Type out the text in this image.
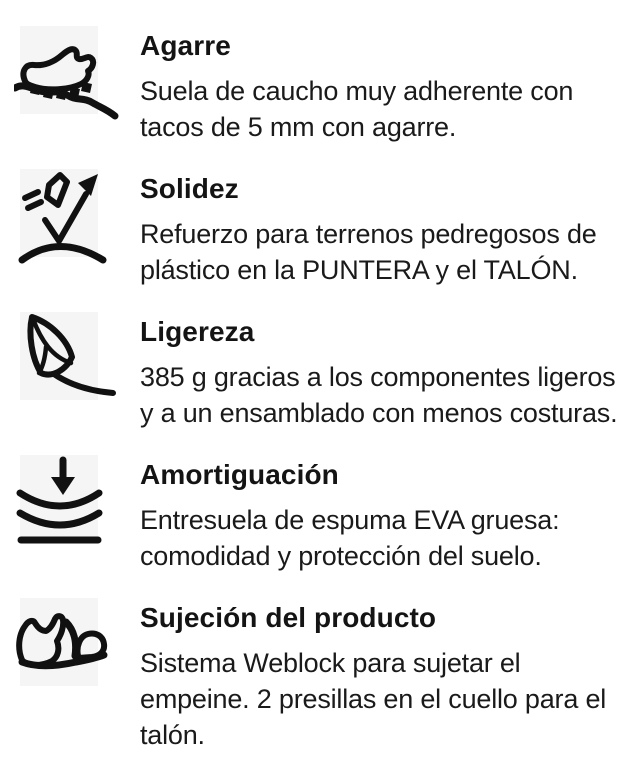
Agarre
Suela de caucho muy adherente con
tacos de 5 mm con agarre.
Solidez
Refuerzo para terrenos pedregosos de
plástico en la PUNTERA y el TALÓN.
Ligereza
385 g gracias a los componentes ligeros
y a un ensamblado con menos costuras.
Amortiguación
Entresuela de espuma EVA gruesa:
comodidad y protección del suelo.
Sujeción del producto
Sistema Weblock para sujetar el
empeine. 2 presillas en el cuello para el
talón.
